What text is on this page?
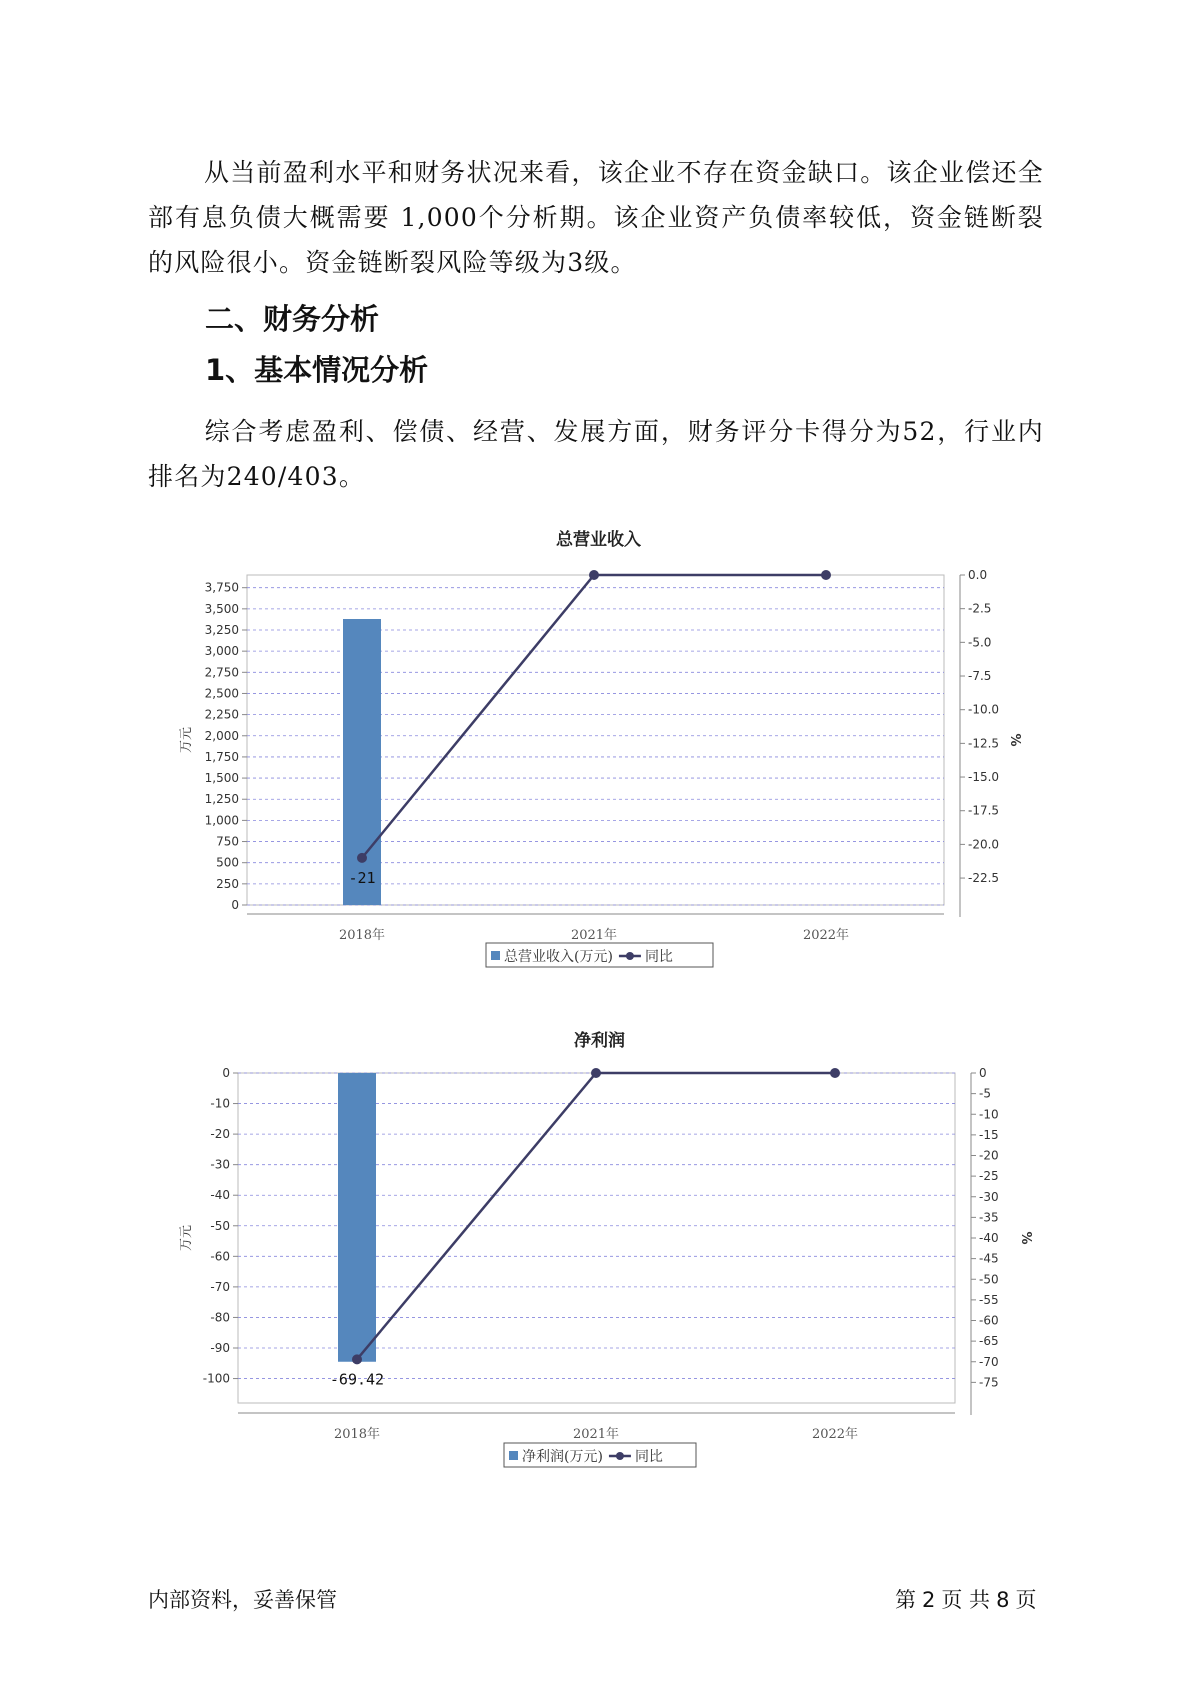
从当前盈利水平和财务状况来看，该企业不存在资金缺口。该企业偿还全部有息负债大概需要 1,000个分析期。该企业资产负债率较低，资金链断裂的风险很小。资金链断裂风险等级为3级。

二、财务分析
1、基本情况分析

综合考虑盈利、偿债、经营、发展方面，财务评分卡得分为52，行业内排名为240/403。

总营业收入
0
250
500
750
1,000
1,250
1,500
1,750
2,000
2,250
2,500
2,750
3,000
3,250
3,500
3,750
0.0
-2.5
-5.0
-7.5
-10.0
-12.5
-15.0
-17.5
-20.0
-22.5
万元	%
2018年	2021年	2022年
-21
总营业收入(万元) 同比
净利润
0
-10
-20
-30
-40
-50
-60
-70
-80
-90
-100
0
-5
-10
-15
-20
-25
-30
-35
-40
-45
-50
-55
-60
-65
-70
-75
万元	%
2018年	2021年	2022年
-69.42
净利润(万元) 同比
内部资料，妥善保管	第 2 页 共 8 页
